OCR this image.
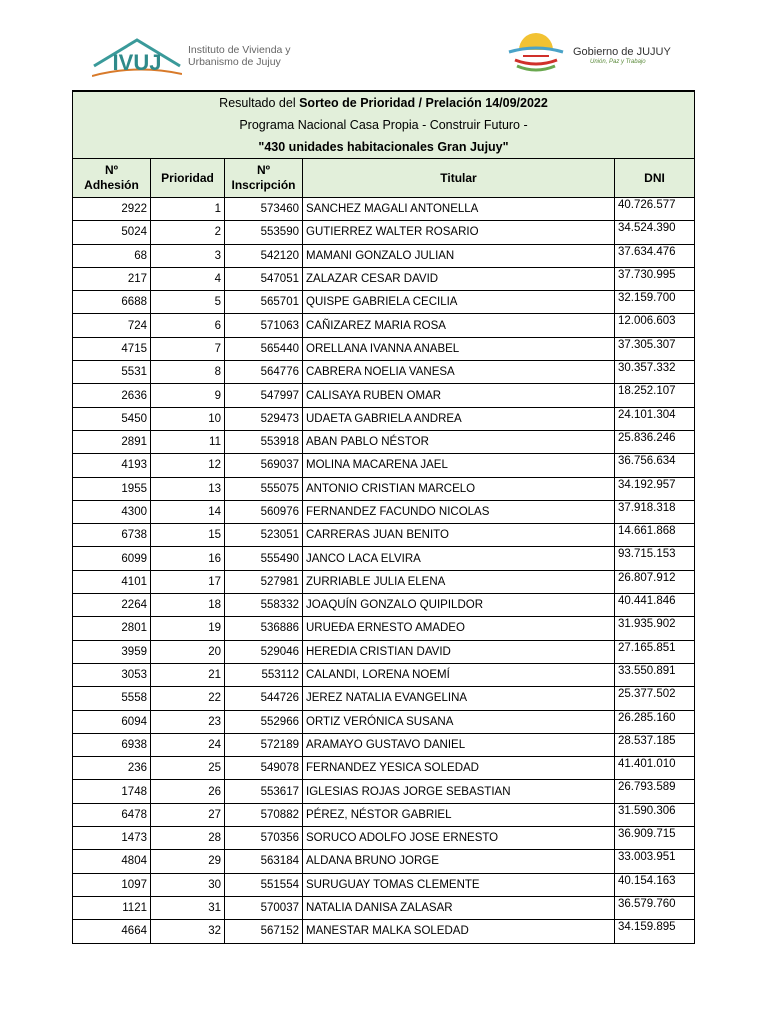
IVUJ	Instituto de Vivienda y
Urbanismo de Jujuy
Gobierno de JUJUY
Unión, Paz y Trabajo
Resultado del Sorteo de Prioridad / Prelación 14/09/2022				
Programa Nacional Casa Propia - Construir Futuro -				
"430 unidades habitacionales Gran Jujuy"				
Nº
Adhesión	Prioridad	Nº
Inscripción	Titular	DNI
2922	1	573460	SANCHEZ MAGALI ANTONELLA	40.726.577
5024	2	553590	GUTIERREZ WALTER ROSARIO	34.524.390
68	3	542120	MAMANI GONZALO JULIAN	37.634.476
217	4	547051	ZALAZAR CESAR DAVID	37.730.995
6688	5	565701	QUISPE GABRIELA CECILIA	32.159.700
724	6	571063	CAÑIZAREZ MARIA ROSA	12.006.603
4715	7	565440	ORELLANA IVANNA ANABEL	37.305.307
5531	8	564776	CABRERA NOELIA VANESA	30.357.332
2636	9	547997	CALISAYA RUBEN OMAR	18.252.107
5450	10	529473	UDAETA GABRIELA ANDREA	24.101.304
2891	11	553918	ABAN PABLO NÉSTOR	25.836.246
4193	12	569037	MOLINA MACARENA JAEL	36.756.634
1955	13	555075	ANTONIO CRISTIAN MARCELO	34.192.957
4300	14	560976	FERNANDEZ FACUNDO NICOLAS	37.918.318
6738	15	523051	CARRERAS JUAN BENITO	14.661.868
6099	16	555490	JANCO LACA ELVIRA	93.715.153
4101	17	527981	ZURRIABLE JULIA ELENA	26.807.912
2264	18	558332	JOAQUÍN GONZALO QUIPILDOR	40.441.846
2801	19	536886	URUEÐA ERNESTO AMADEO	31.935.902
3959	20	529046	HEREDIA CRISTIAN DAVID	27.165.851
3053	21	553112	CALANDI, LORENA NOEMÍ	33.550.891
5558	22	544726	JEREZ NATALIA EVANGELINA	25.377.502
6094	23	552966	ORTIZ VERÓNICA SUSANA	26.285.160
6938	24	572189	ARAMAYO GUSTAVO DANIEL	28.537.185
236	25	549078	FERNANDEZ YESICA SOLEDAD	41.401.010
1748	26	553617	IGLESIAS ROJAS JORGE SEBASTIAN	26.793.589
6478	27	570882	PÉREZ, NÉSTOR GABRIEL	31.590.306
1473	28	570356	SORUCO ADOLFO JOSE ERNESTO	36.909.715
4804	29	563184	ALDANA BRUNO JORGE	33.003.951
1097	30	551554	SURUGUAY TOMAS CLEMENTE	40.154.163
1121	31	570037	NATALIA DANISA ZALASAR	36.579.760
4664	32	567152	MANESTAR MALKA SOLEDAD	34.159.895
